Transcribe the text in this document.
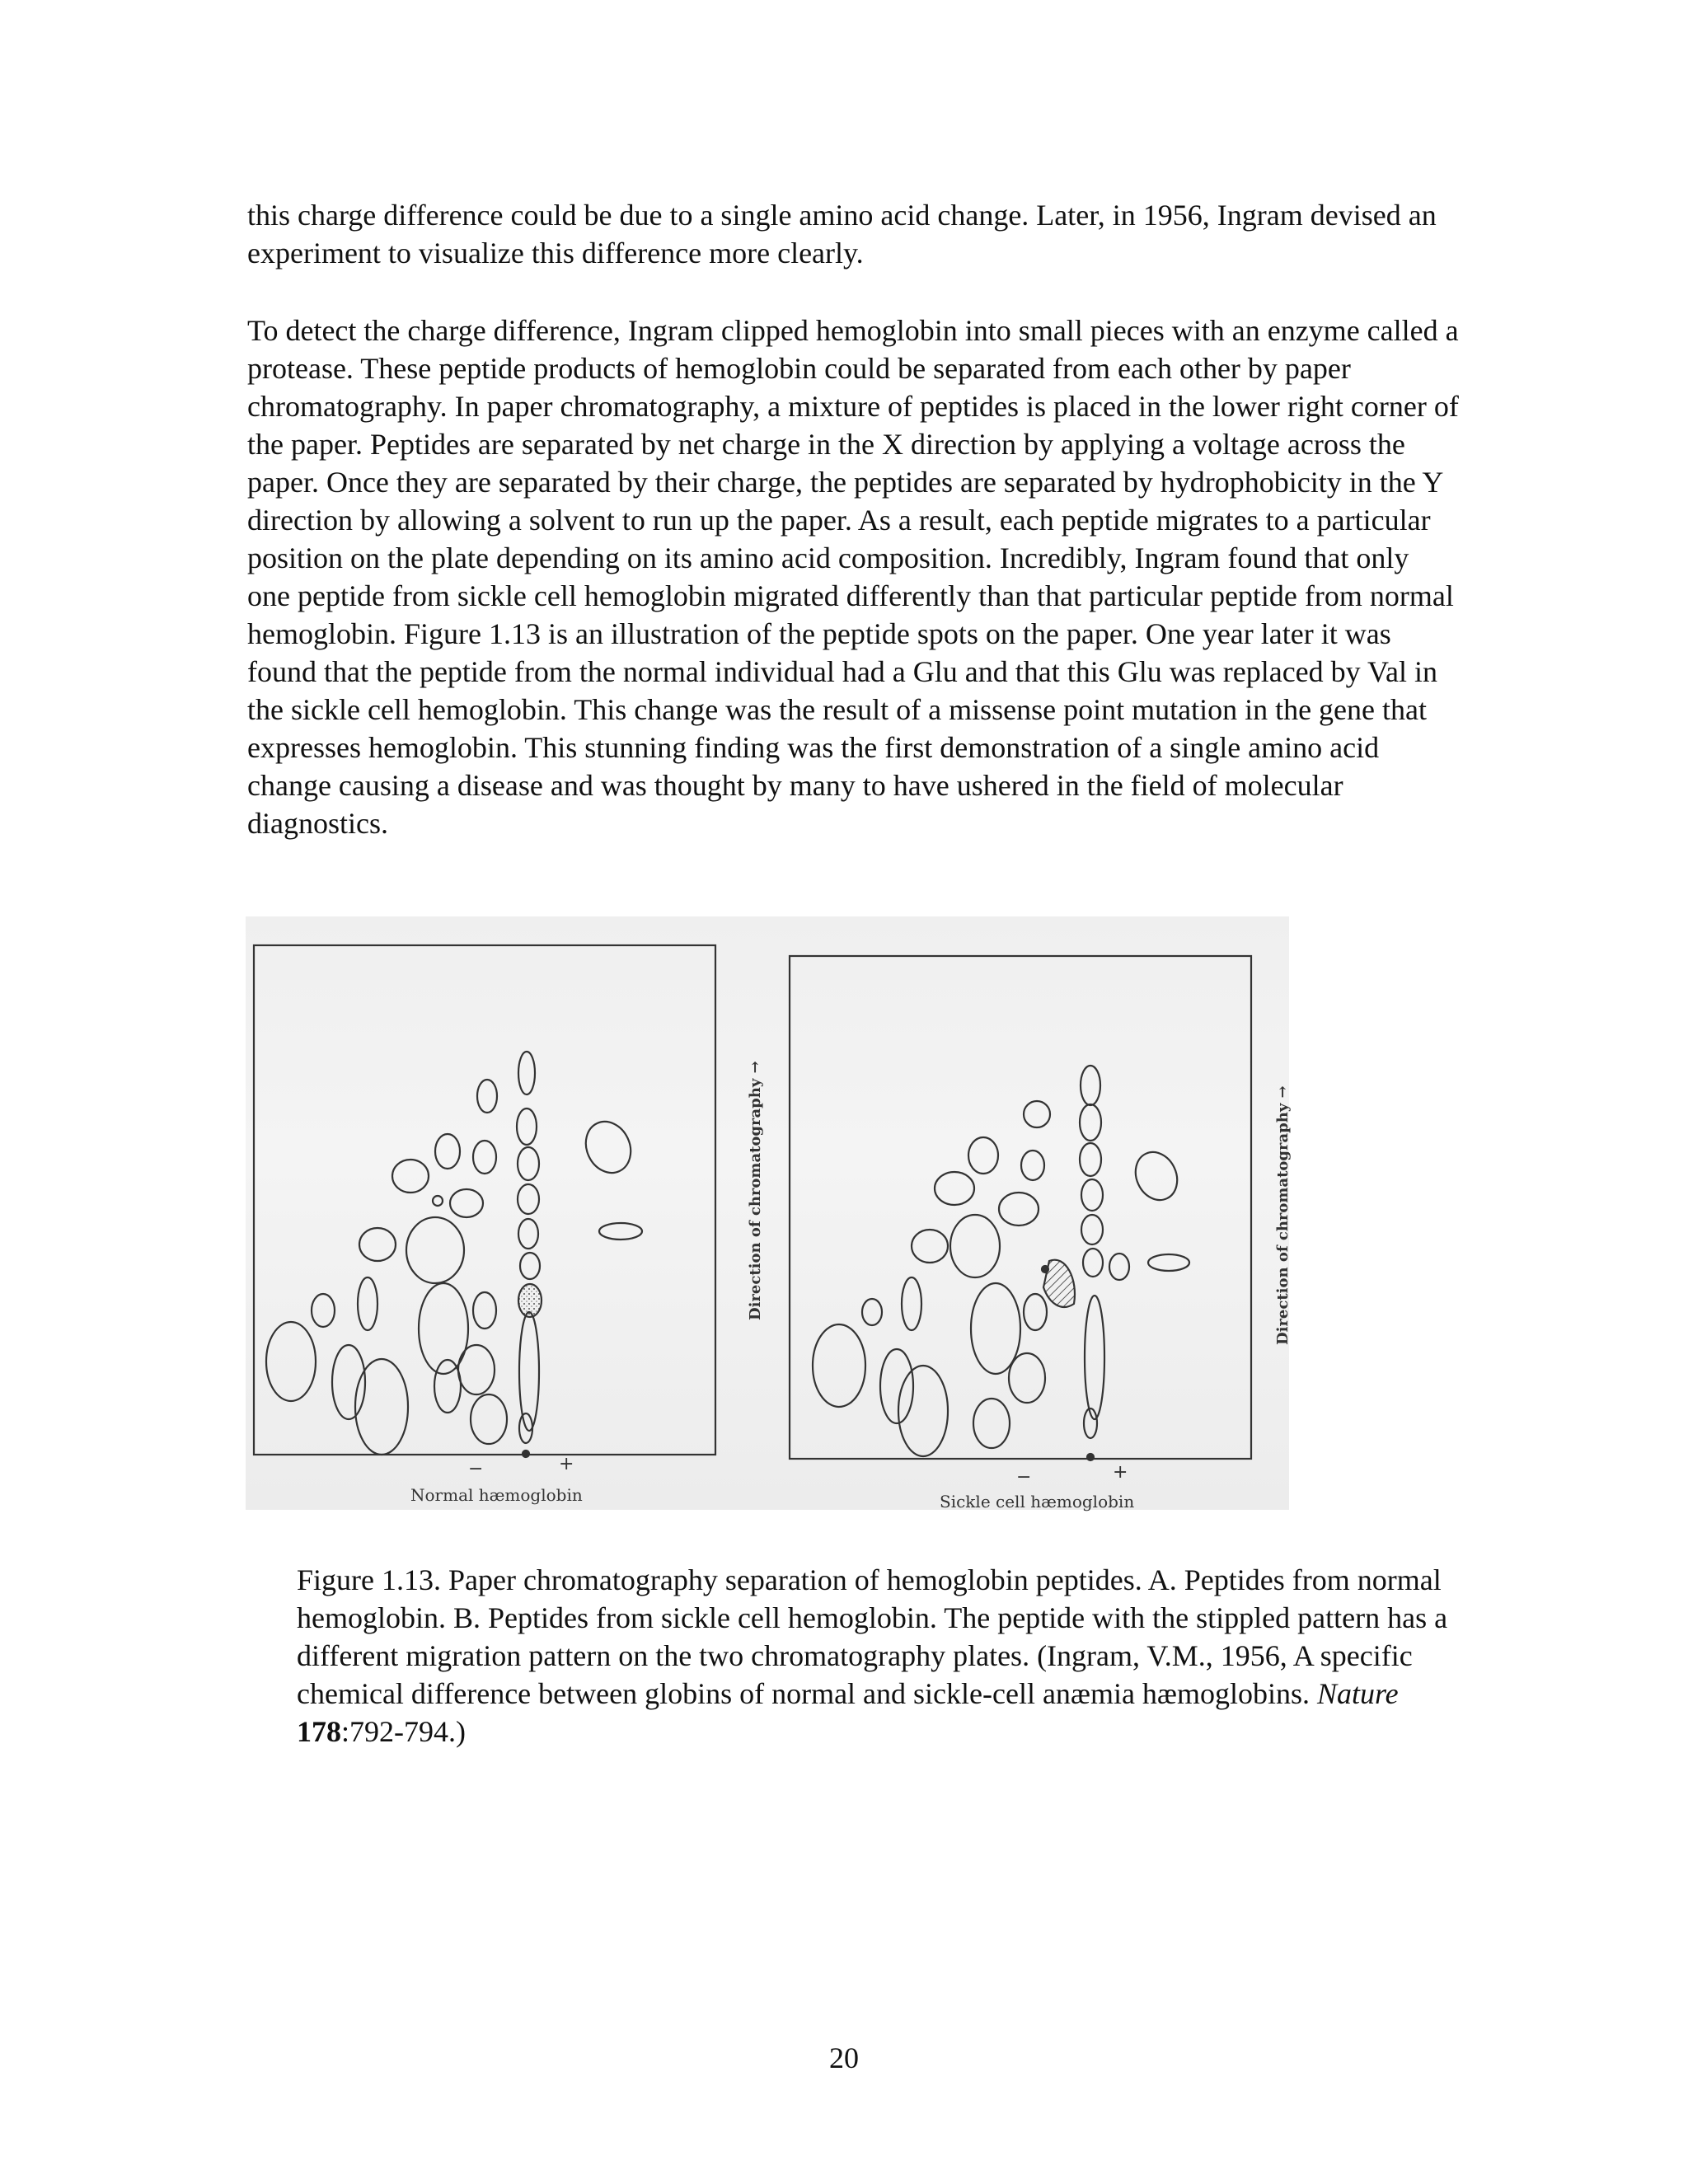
this charge difference could be due to a single amino acid change. Later, in 1956, Ingram devised an experiment to visualize this difference more clearly.

To detect the charge difference, Ingram clipped hemoglobin into small pieces with an enzyme called a protease. These peptide products of hemoglobin could be separated from each other by paper chromatography. In paper chromatography, a mixture of peptides is placed in the lower right corner of the paper. Peptides are separated by net charge in the X direction by applying a voltage across the paper. Once they are separated by their charge, the peptides are separated by hydrophobicity in the Y direction by allowing a solvent to run up the paper. As a result, each peptide migrates to a particular position on the plate depending on its amino acid composition. Incredibly, Ingram found that only one peptide from sickle cell hemoglobin migrated differently than that particular peptide from normal hemoglobin. Figure 1.13 is an illustration of the peptide spots on the paper. One year later it was found that the peptide from the normal individual had a Glu and that this Glu was replaced by Val in the sickle cell hemoglobin. This change was the result of a missense point mutation in the gene that expresses hemoglobin. This stunning finding was the first demonstration of a single amino acid change causing a disease and was thought by many to have ushered in the field of molecular diagnostics.

Normal hæmoglobin	Sickle cell hæmoglobin
Direction of chromatography →	Direction of chromatography →
−	+
−	+

Figure 1.13. Paper chromatography separation of hemoglobin peptides. A. Peptides from normal hemoglobin. B. Peptides from sickle cell hemoglobin. The peptide with the stippled pattern has a different migration pattern on the two chromatography plates. (Ingram, V.M., 1956, A specific chemical difference between globins of normal and sickle-cell anæmia hæmoglobins. Nature 178:792-794.)

20
